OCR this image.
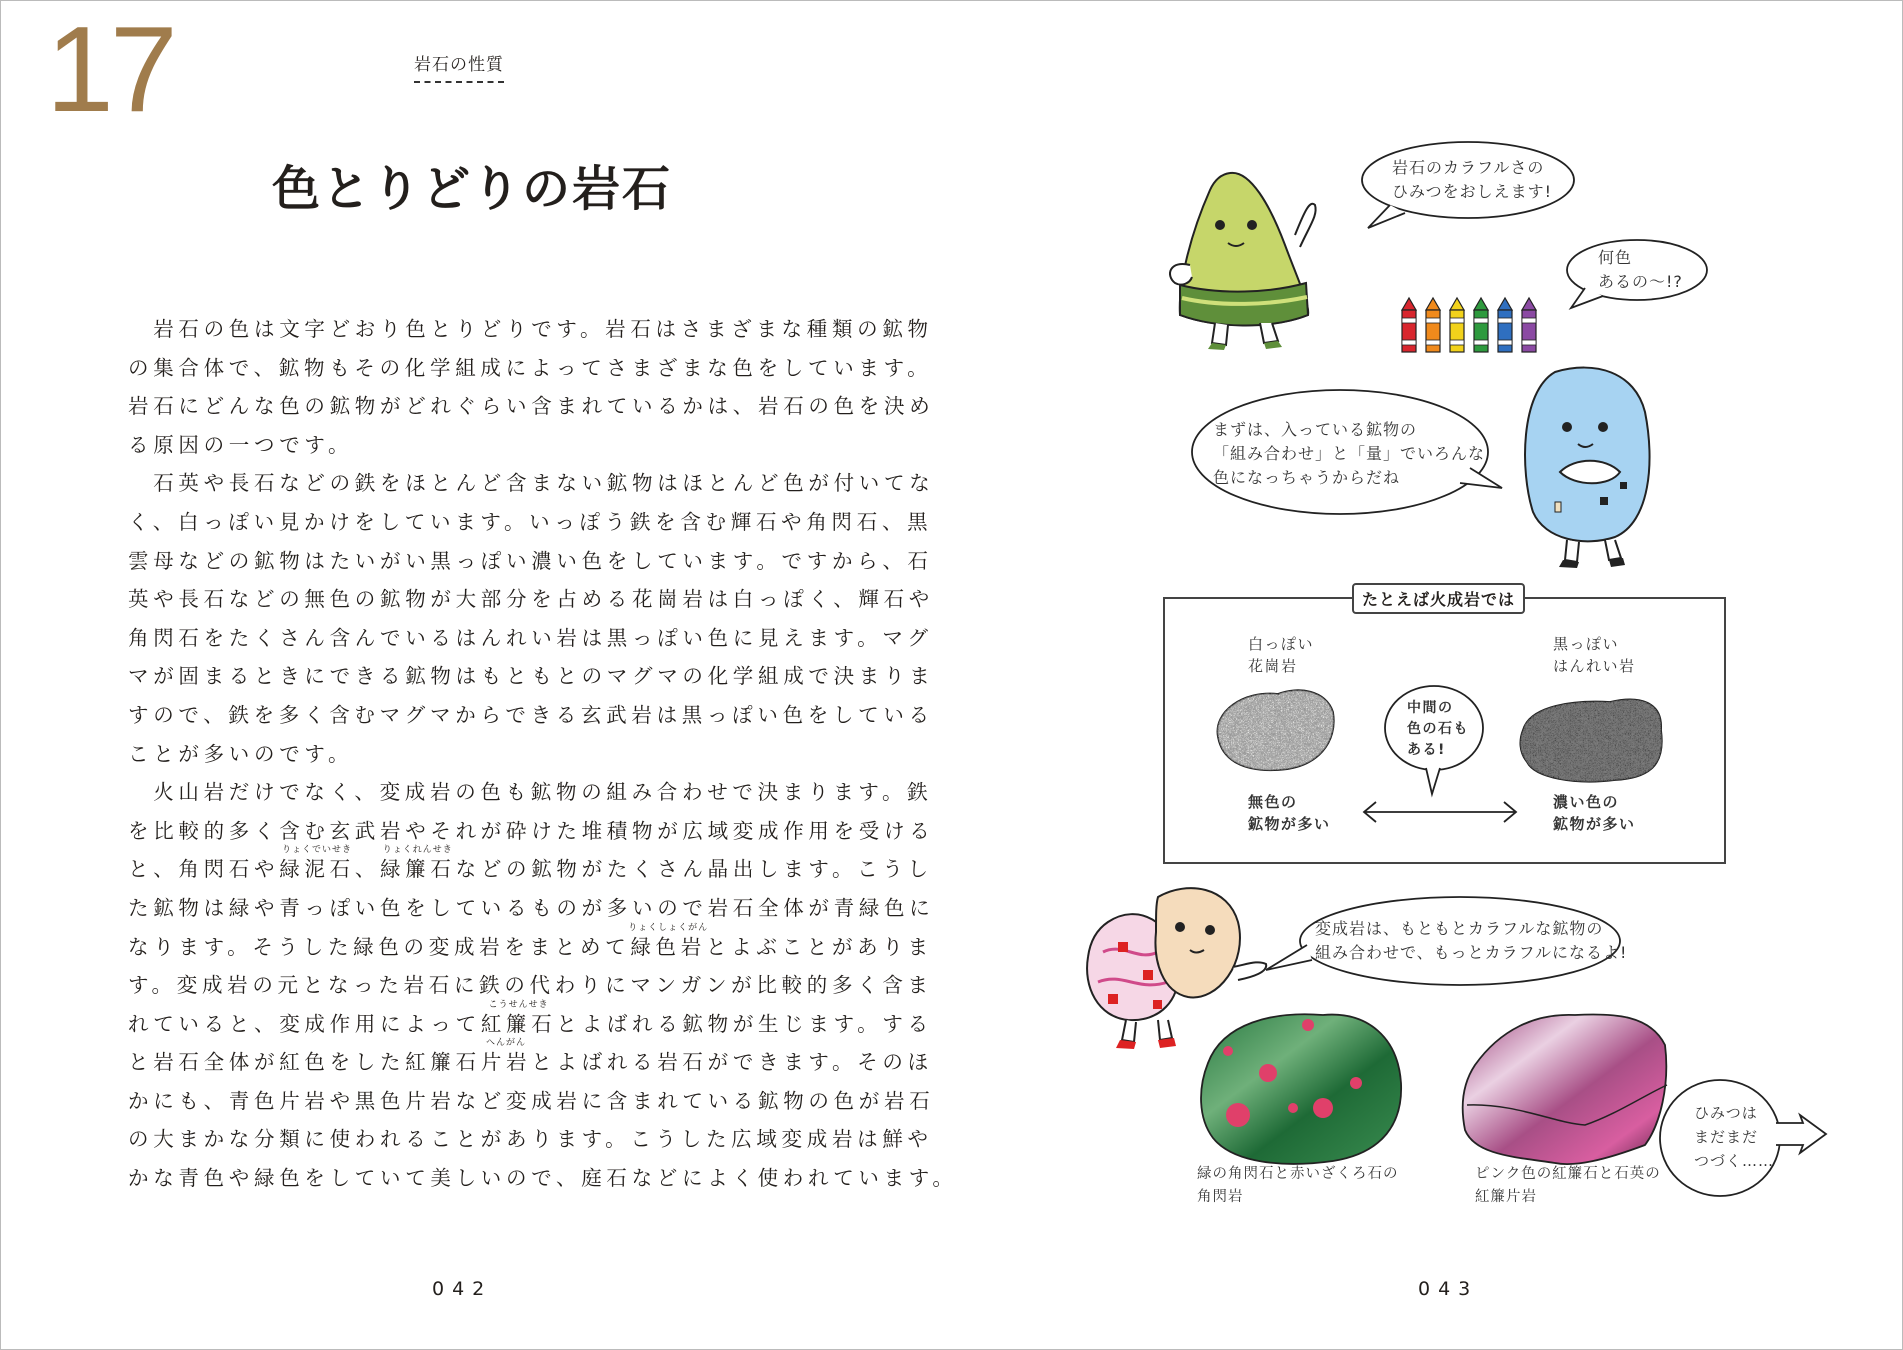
17	岩石の性質
色とりどりの岩石
　岩石の色は文字どおり色とりどりです。岩石はさまざまな種類の鉱物
の集合体で、鉱物もその化学組成によってさまざまな色をしています。
岩石にどんな色の鉱物がどれぐらい含まれているかは、岩石の色を決め
る原因の一つです。
　石英や長石などの鉄をほとんど含まない鉱物はほとんど色が付いてな
く、白っぽい見かけをしています。いっぽう鉄を含む輝石や角閃石、黒
雲母などの鉱物はたいがい黒っぽい濃い色をしています。ですから、石
英や長石などの無色の鉱物が大部分を占める花崗岩は白っぽく、輝石や
角閃石をたくさん含んでいるはんれい岩は黒っぽい色に見えます。マグ
マが固まるときにできる鉱物はもともとのマグマの化学組成で決まりま
すので、鉄を多く含むマグマからできる玄武岩は黒っぽい色をしている
ことが多いのです。
　火山岩だけでなく、変成岩の色も鉱物の組み合わせで決まります。鉄
を比較的多く含む玄武岩やそれが砕けた堆積物が広域変成作用を受ける
と、角閃石や緑泥石
りょくでいせき
、緑簾石
りょくれんせき
などの鉱物がたくさん晶出します。こうし
た鉱物は緑や青っぽい色をしているものが多いので岩石全体が青緑色に
なります。そうした緑色の変成岩をまとめて緑色岩
りょくしょくがん
とよぶことがありま
す。変成岩の元となった岩石に鉄の代わりにマンガンが比較的多く含ま
れていると、変成作用によって紅簾石
こうせんせき
とよばれる鉱物が生じます。する
と岩石全体が紅色をした紅簾石片岩
へんがん
とよばれる岩石ができます。そのほ
かにも、青色片岩や黒色片岩など変成岩に含まれている鉱物の色が岩石
の大まかな分類に使われることがあります。こうした広域変成岩は鮮や
かな青色や緑色をしていて美しいので、庭石などによく使われています。
042	043
岩石のカラフルさの
ひみつをおしえます!
何色
あるの〜!?
まずは、入っている鉱物の
「組み合わせ」と「量」でいろんな
色になっちゃうからだね
たとえば火成岩では
白っぽい
花崗岩
無色の
鉱物が多い
中間の
色の石も
ある!
黒っぽい
はんれい岩
濃い色の
鉱物が多い
変成岩は、もともとカラフルな鉱物の
組み合わせで、もっとカラフルになるよ!
緑の角閃石と赤いざくろ石の
角閃岩
ピンク色の紅簾石と石英の
紅簾片岩
ひみつは
まだまだ
つづく……
